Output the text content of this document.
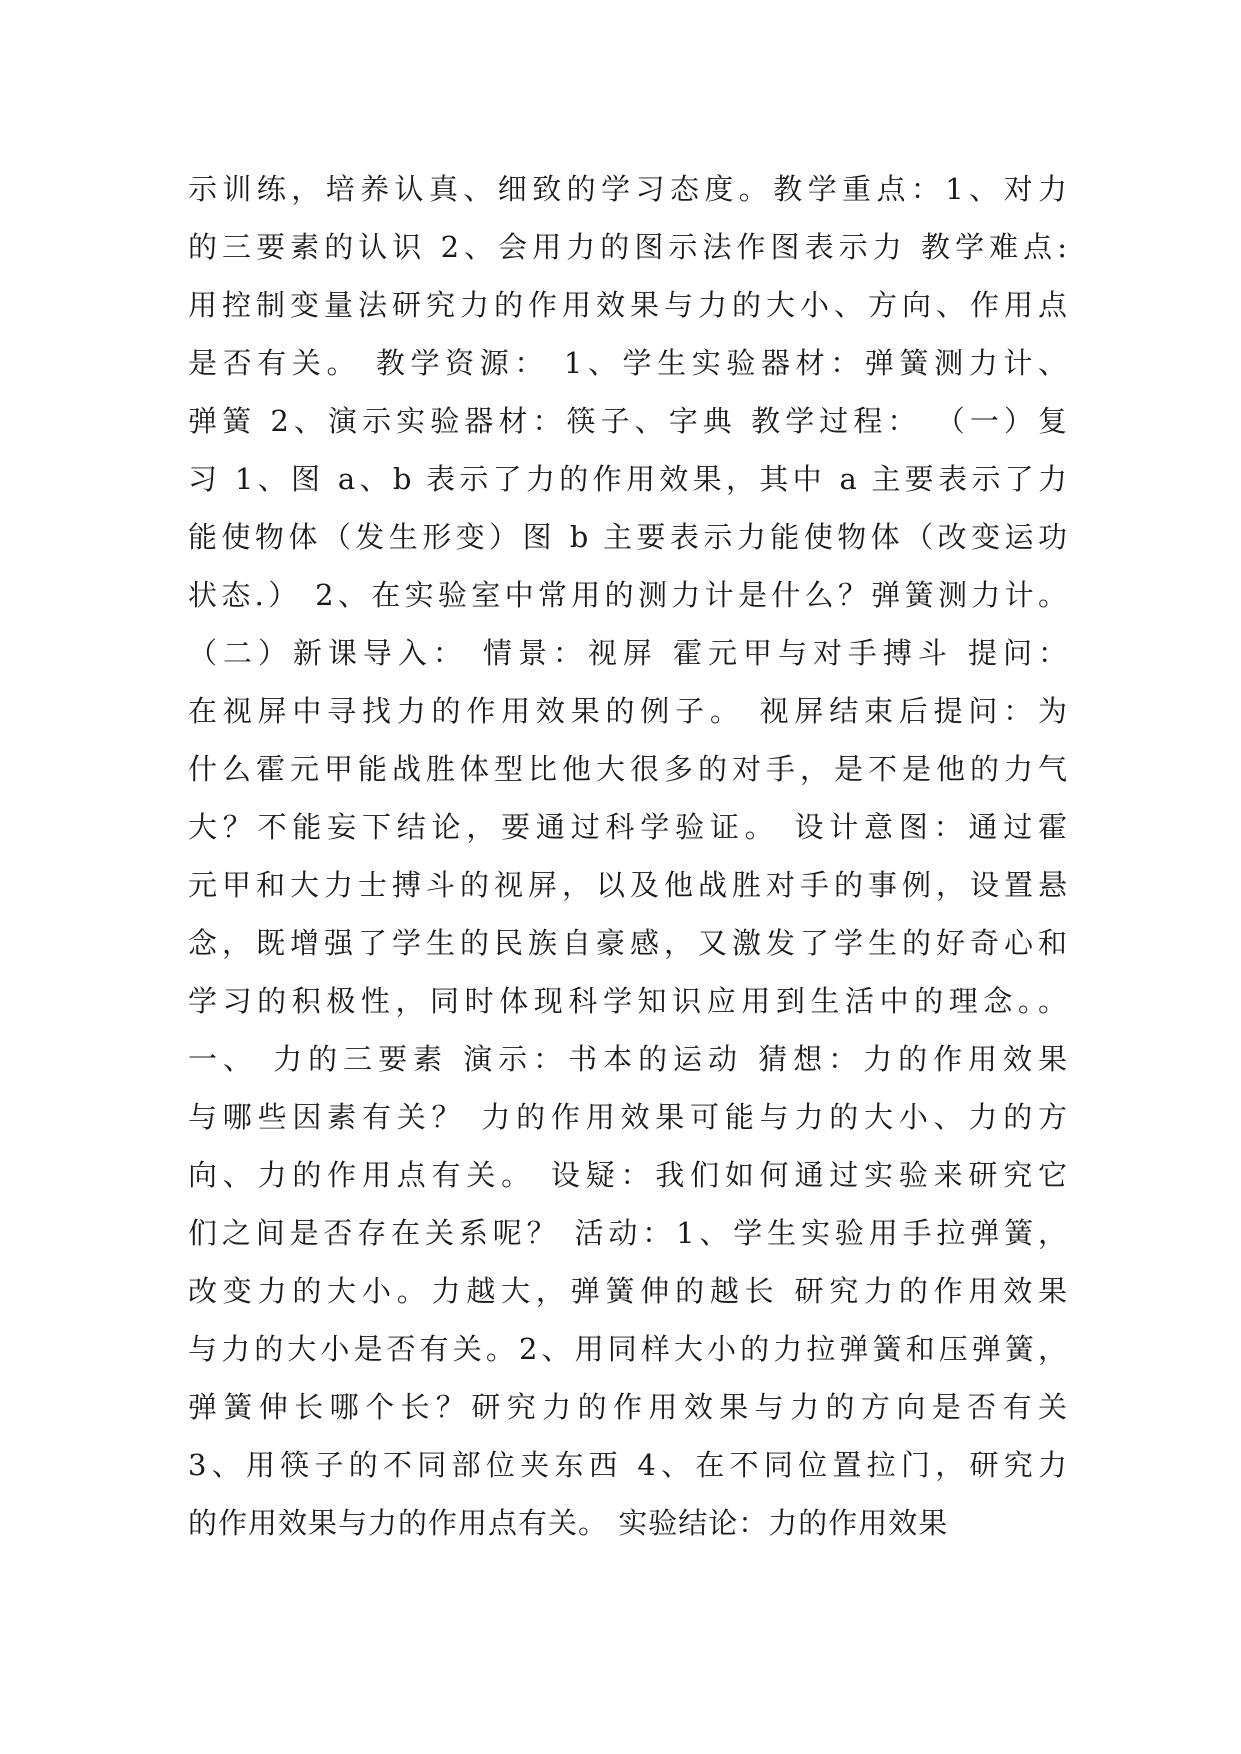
示训练，培养认真、细致的学习态度。教学重点：1、对力
的三要素的认识 2、会用力的图示法作图表示力 教学难点:
用控制变量法研究力的作用效果与力的大小、方向、作用点
是否有关。 教学资源： 1、学生实验器材：弹簧测力计、
弹簧 2、演示实验器材：筷子、字典 教学过程： （一）复
习 1、图 a、b 表示了力的作用效果，其中 a 主要表示了力
能使物体（发生形变）图 b 主要表示力能使物体（改变运功
状态.） 2、在实验室中常用的测力计是什么？弹簧测力计。
（二）新课导入： 情景：视屏 霍元甲与对手搏斗 提问：
在视屏中寻找力的作用效果的例子。 视屏结束后提问：为
什么霍元甲能战胜体型比他大很多的对手，是不是他的力气
大？不能妄下结论，要通过科学验证。 设计意图：通过霍
元甲和大力士搏斗的视屏，以及他战胜对手的事例，设置悬
念，既增强了学生的民族自豪感，又激发了学生的好奇心和
学习的积极性，同时体现科学知识应用到生活中的理念。。
一、 力的三要素 演示：书本的运动 猜想：力的作用效果
与哪些因素有关？ 力的作用效果可能与力的大小、力的方
向、力的作用点有关。 设疑：我们如何通过实验来研究它
们之间是否存在关系呢？ 活动：1、学生实验用手拉弹簧，
改变力的大小。力越大，弹簧伸的越长 研究力的作用效果
与力的大小是否有关。2、用同样大小的力拉弹簧和压弹簧，
弹簧伸长哪个长？研究力的作用效果与力的方向是否有关
3、用筷子的不同部位夹东西 4、在不同位置拉门，研究力
的作用效果与力的作用点有关。 实验结论：力的作用效果
